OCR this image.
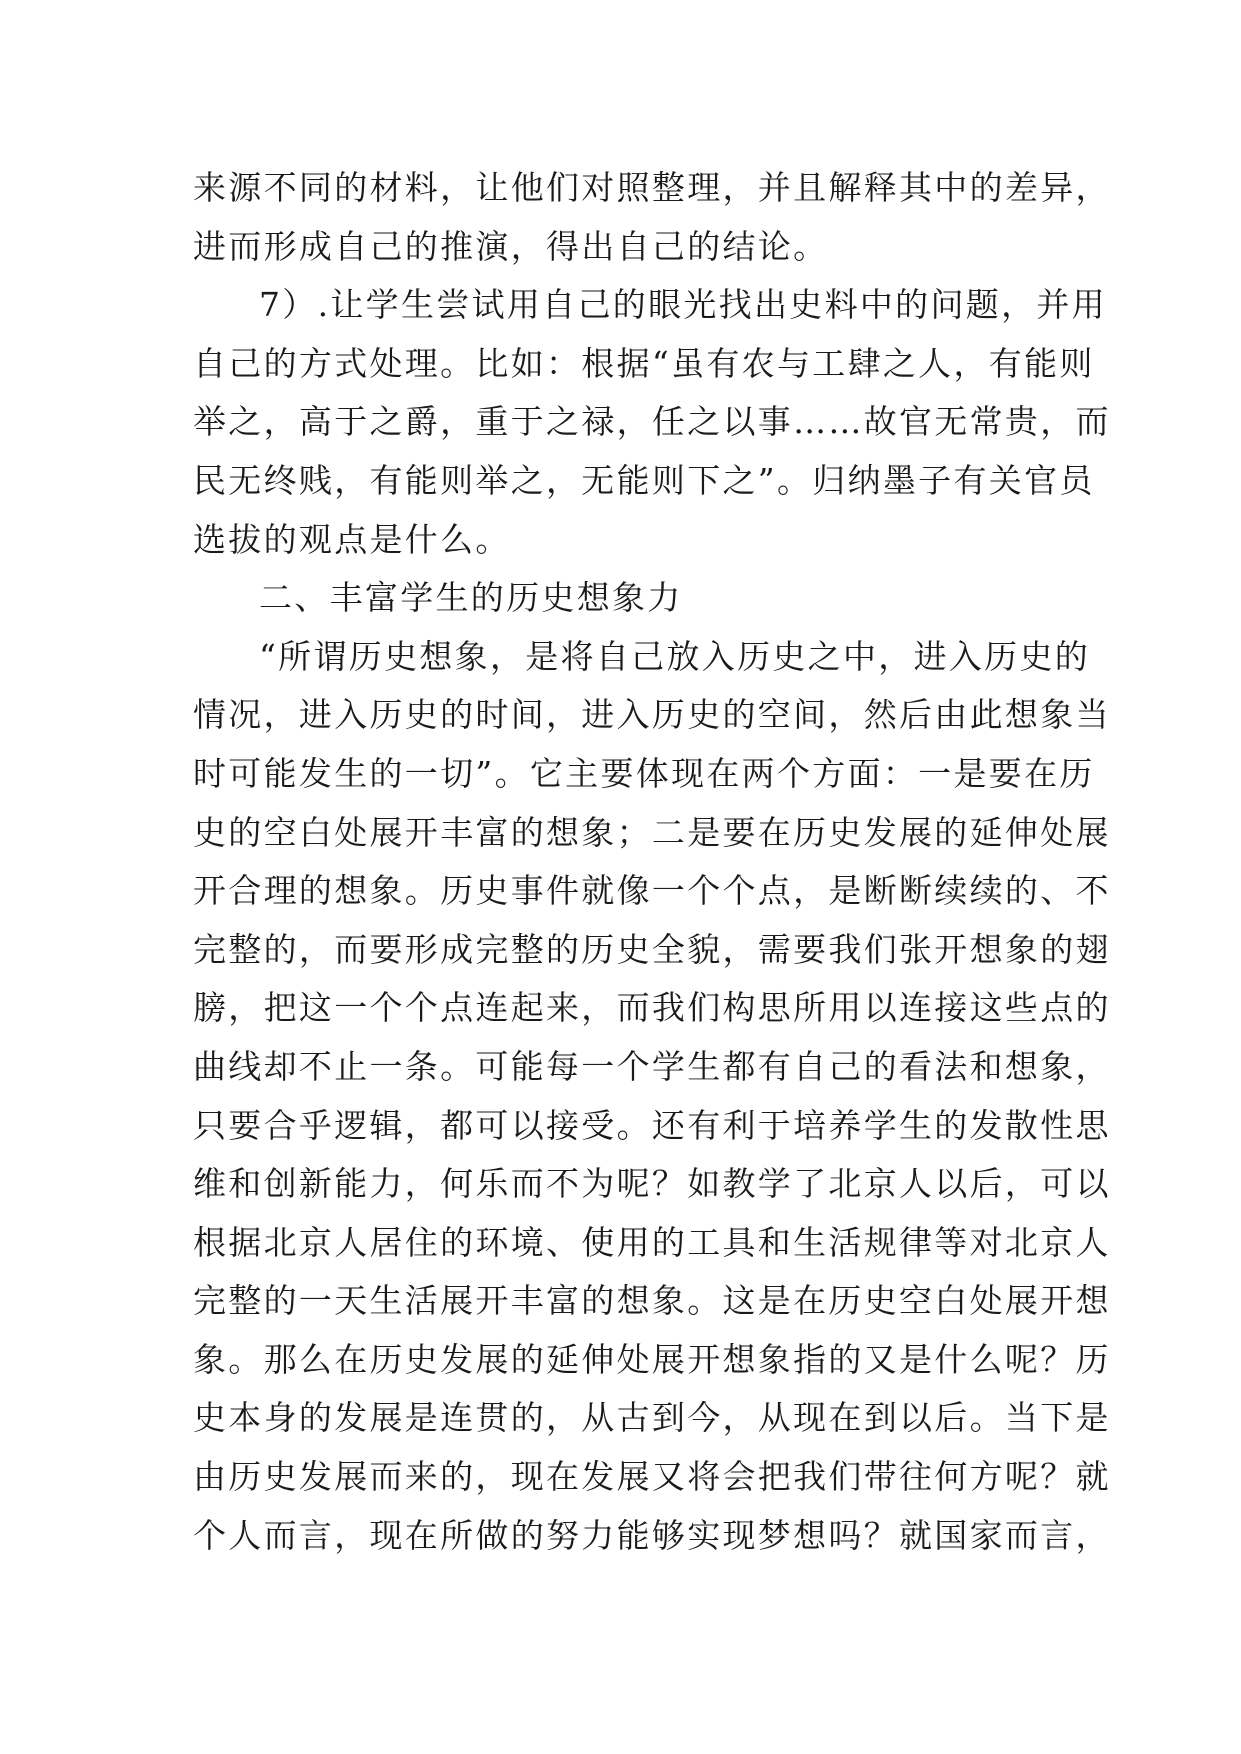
来源不同的材料，让他们对照整理，并且解释其中的差异，
进而形成自己的推演，得出自己的结论。
7）.让学生尝试用自己的眼光找出史料中的问题，并用
自己的方式处理。比如：根据“虽有农与工肆之人，有能则
举之，高于之爵，重于之禄，任之以事……故官无常贵，而
民无终贱，有能则举之，无能则下之”。归纳墨子有关官员
选拔的观点是什么。
二、丰富学生的历史想象力
“所谓历史想象，是将自己放入历史之中，进入历史的
情况，进入历史的时间，进入历史的空间，然后由此想象当
时可能发生的一切”。它主要体现在两个方面：一是要在历
史的空白处展开丰富的想象；二是要在历史发展的延伸处展
开合理的想象。历史事件就像一个个点，是断断续续的、不
完整的，而要形成完整的历史全貌，需要我们张开想象的翅
膀，把这一个个点连起来，而我们构思所用以连接这些点的
曲线却不止一条。可能每一个学生都有自己的看法和想象，
只要合乎逻辑，都可以接受。还有利于培养学生的发散性思
维和创新能力，何乐而不为呢？如教学了北京人以后，可以
根据北京人居住的环境、使用的工具和生活规律等对北京人
完整的一天生活展开丰富的想象。这是在历史空白处展开想
象。那么在历史发展的延伸处展开想象指的又是什么呢？历
史本身的发展是连贯的，从古到今，从现在到以后。当下是
由历史发展而来的，现在发展又将会把我们带往何方呢？就
个人而言，现在所做的努力能够实现梦想吗？就国家而言，
